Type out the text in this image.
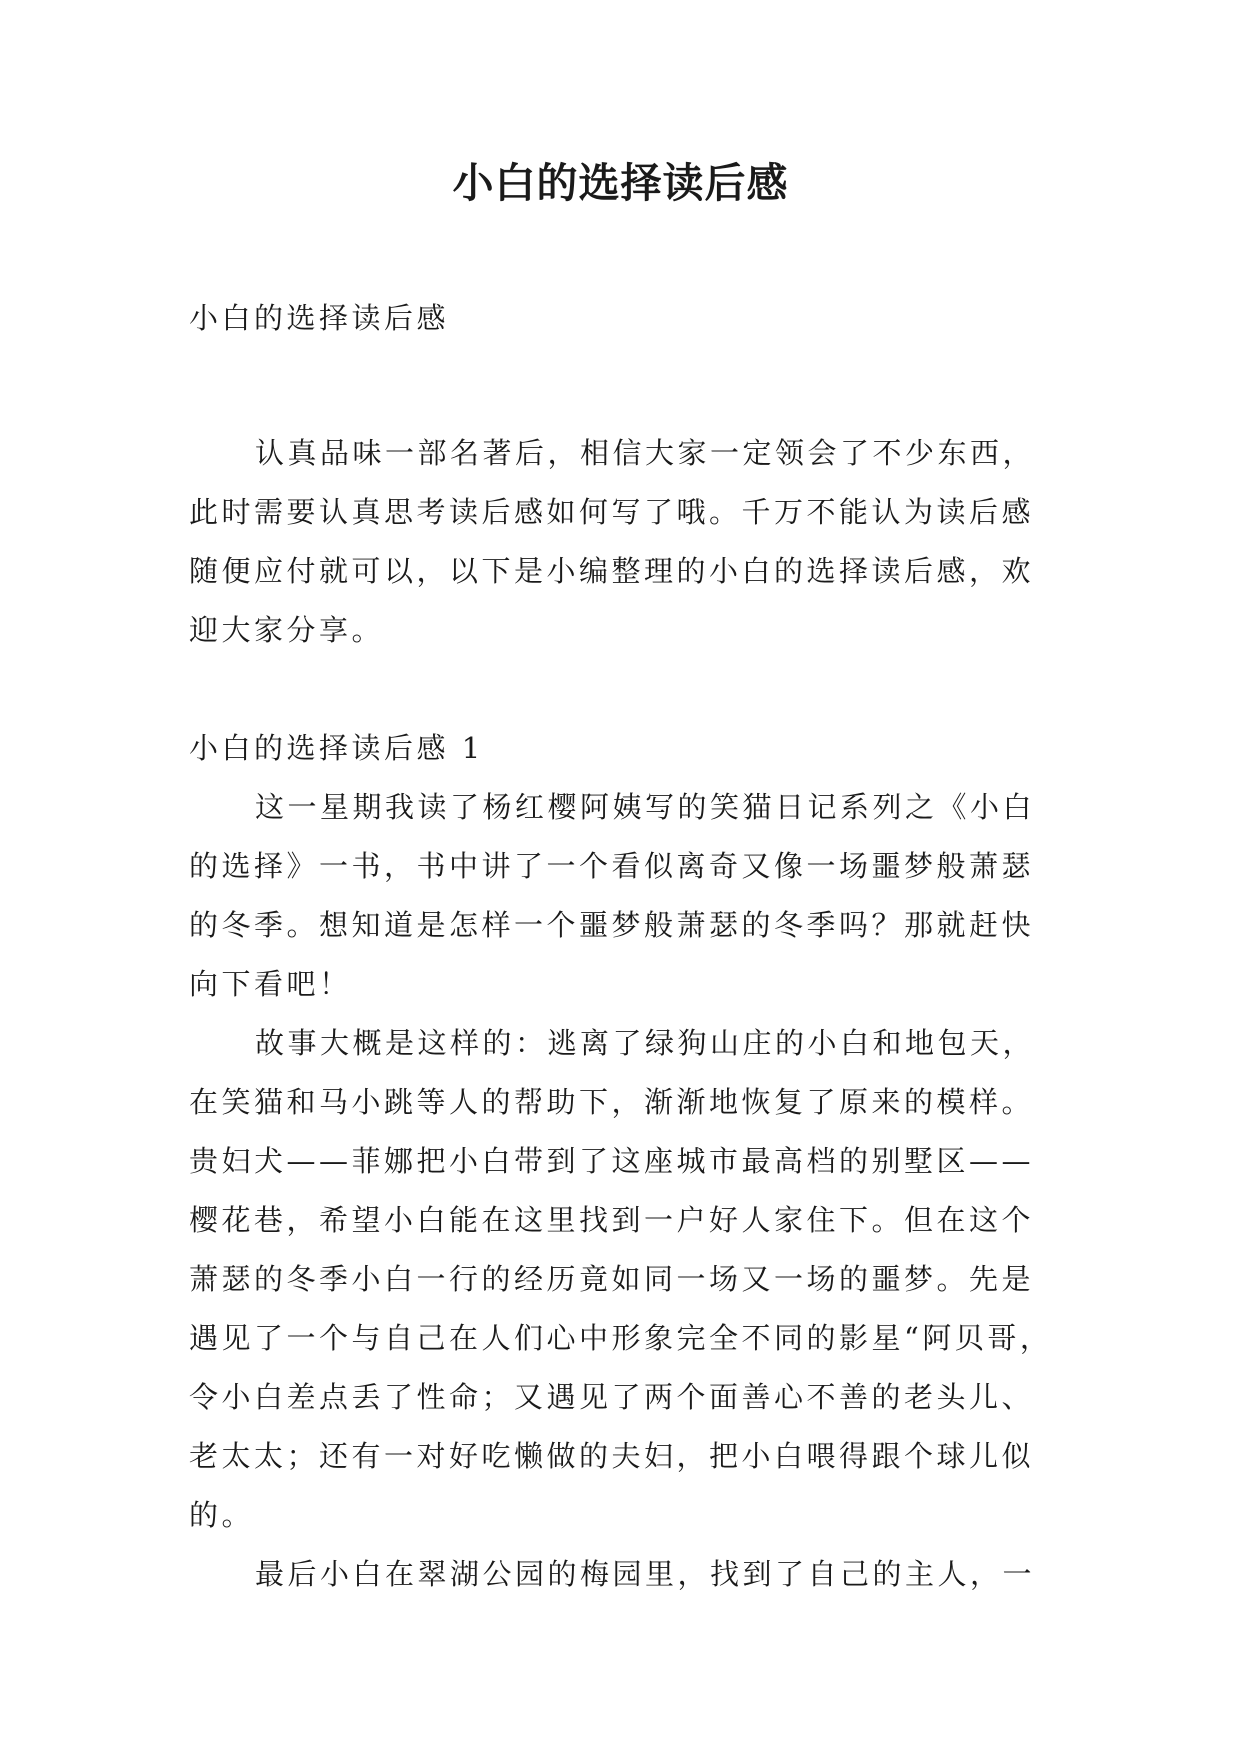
小白的选择读后感

小白的选择读后感

认真品味一部名著后，相信大家一定领会了不少东西，此时需要认真思考读后感如何写了哦。千万不能认为读后感随便应付就可以，以下是小编整理的小白的选择读后感，欢迎大家分享。

小白的选择读后感 1

这一星期我读了杨红樱阿姨写的笑猫日记系列之《小白的选择》一书，书中讲了一个看似离奇又像一场噩梦般萧瑟的冬季。想知道是怎样一个噩梦般萧瑟的冬季吗？那就赶快向下看吧！

故事大概是这样的：逃离了绿狗山庄的小白和地包天，在笑猫和马小跳等人的帮助下，渐渐地恢复了原来的模样。贵妇犬——菲娜把小白带到了这座城市最高档的别墅区——樱花巷，希望小白能在这里找到一户好人家住下。但在这个萧瑟的冬季小白一行的经历竟如同一场又一场的噩梦。先是遇见了一个与自己在人们心中形象完全不同的影星“阿贝哥，令小白差点丢了性命；又遇见了两个面善心不善的老头儿、老太太；还有一对好吃懒做的夫妇，把小白喂得跟个球儿似的。

最后小白在翠湖公园的梅园里，找到了自己的主人，一
